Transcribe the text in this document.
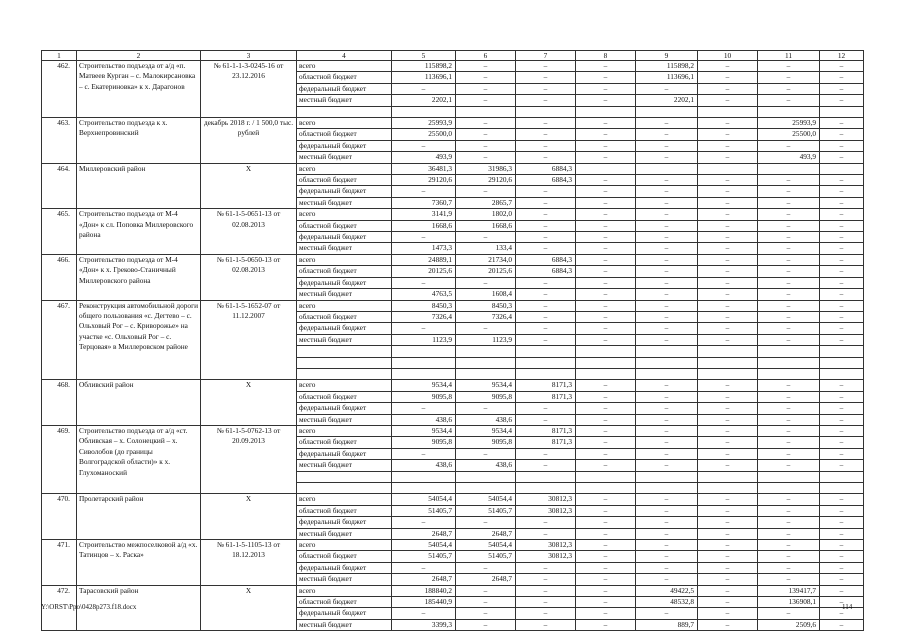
1	2	3	4	5	6	7	8	9	10	11	12
462.	Строительство подъезда от а/д «п. Матвеев Курган – с. Малокирсановка – с. Екатериновка» к х. Дарагонов	№ 61-1-1-3-0245-16 от 23.12.2016	всего	115898,2	–	–	–	115898,2	–	–	–
			областной бюджет	113696,1	–	–	–	113696,1	–	–	–
			федеральный бюджет	–	–	–	–	–	–	–	–
			местный бюджет	2202,1	–	–	–	2202,1	–	–	–

463.	Строительство подъезда к х. Верхнепровинский	декабрь 2018 г. / 1 500,0 тыс. рублей	всего	25993,9	–	–	–	–	–	25993,9	–
			областной бюджет	25500,0	–	–	–	–	–	25500,0	–
			федеральный бюджет	–	–	–	–	–	–	–	–
			местный бюджет	493,9	–	–	–	–	–	493,9	–
464.	Миллеровский район	Х	всего	36481,3	31986,3	6884,3					
			областной бюджет	29120,6	29120,6	6884,3	–	–	–	–	–
			федеральный бюджет	–	–	–	–	–	–	–	–
			местный бюджет	7360,7	2865,7	–	–	–	–	–	–
465.	Строительство подъезда от М-4 «Дон» к сл. Поповка Миллеровского района	№ 61-1-5-0651-13 от 02.08.2013	всего	3141,9	1802,0	–	–	–	–	–	–
			областной бюджет	1668,6	1668,6	–	–	–	–	–	–
			федеральный бюджет	–	–	–	–	–	–	–	–
			местный бюджет	1473,3	133,4	–	–	–	–	–	–
466.	Строительство подъезда от М-4 «Дон» к х. Греково-Станичный Миллеровского района	№ 61-1-5-0650-13 от 02.08.2013	всего	24889,1	21734,0	6884,3	–	–	–	–	–
			областной бюджет	20125,6	20125,6	6884,3	–	–	–	–	–
			федеральный бюджет	–	–	–	–	–	–	–	–
			местный бюджет	4763,5	1608,4	–	–	–	–	–	–
467.	Реконструкция автомобильной дороги общего пользования «с. Дегтево – с. Ольховый Рог – с. Криворожье» на участке «с. Ольховый Рог – с. Терцовая» в Миллеровском районе	№ 61-1-5-1652-07 от 11.12.2007	всего	8450,3	8450,3	–	–	–	–	–	–
			областной бюджет	7326,4	7326,4	–	–	–	–	–	–
			федеральный бюджет	–	–	–	–	–	–	–	–
			местный бюджет	1123,9	1123,9	–	–	–	–	–	–

468.	Обливский район	Х	всего	9534,4	9534,4	8171,3	–	–	–	–	–
			областной бюджет	9095,8	9095,8	8171,3	–	–	–	–	–
			федеральный бюджет	–	–	–	–	–	–	–	–
			местный бюджет	438,6	438,6	–	–	–	–	–	–
469.	Строительство подъезда от а/д «ст. Обливская – х. Солонецкий – х. Сиволобов (до границы Волгоградской области)» к х. Глухоманоский	№ 61-1-5-0762-13 от 20.09.2013	всего	9534,4	9534,4	8171,3	–	–	–	–	–
			областной бюджет	9095,8	9095,8	8171,3	–	–	–	–	–
			федеральный бюджет	–	–	–	–	–	–	–	–
			местный бюджет	438,6	438,6	–	–	–	–	–	–

470.	Пролетарский район	Х	всего	54054,4	54054,4	30812,3	–	–	–	–	–
			областной бюджет	51405,7	51405,7	30812,3	–	–	–	–	–
			федеральный бюджет	–	–	–	–	–	–	–	–
			местный бюджет	2648,7	2648,7	–	–	–	–	–	–
471.	Строительство межпоселковой а/д «х. Татинцов – х. Раска»	№ 61-1-5-1105-13 от 18.12.2013	всего	54054,4	54054,4	30812,3	–	–	–	–	–
			областной бюджет	51405,7	51405,7	30812,3	–	–	–	–	–
			федеральный бюджет	–	–	–	–	–	–	–	–
			местный бюджет	2648,7	2648,7	–	–	–	–	–	–
472.	Тарасовский район	Х	всего	188840,2	–	–	–	49422,5	–	139417,7	–
			областной бюджет	185440,9	–	–	–	48532,8	–	136908,1	–
			федеральный бюджет	–	–	–	–	–	–	–	–
			местный бюджет	3399,3	–	–	–	889,7	–	2509,6	–
Y:\ORST\Ppo\0428p273.f18.docx	114
